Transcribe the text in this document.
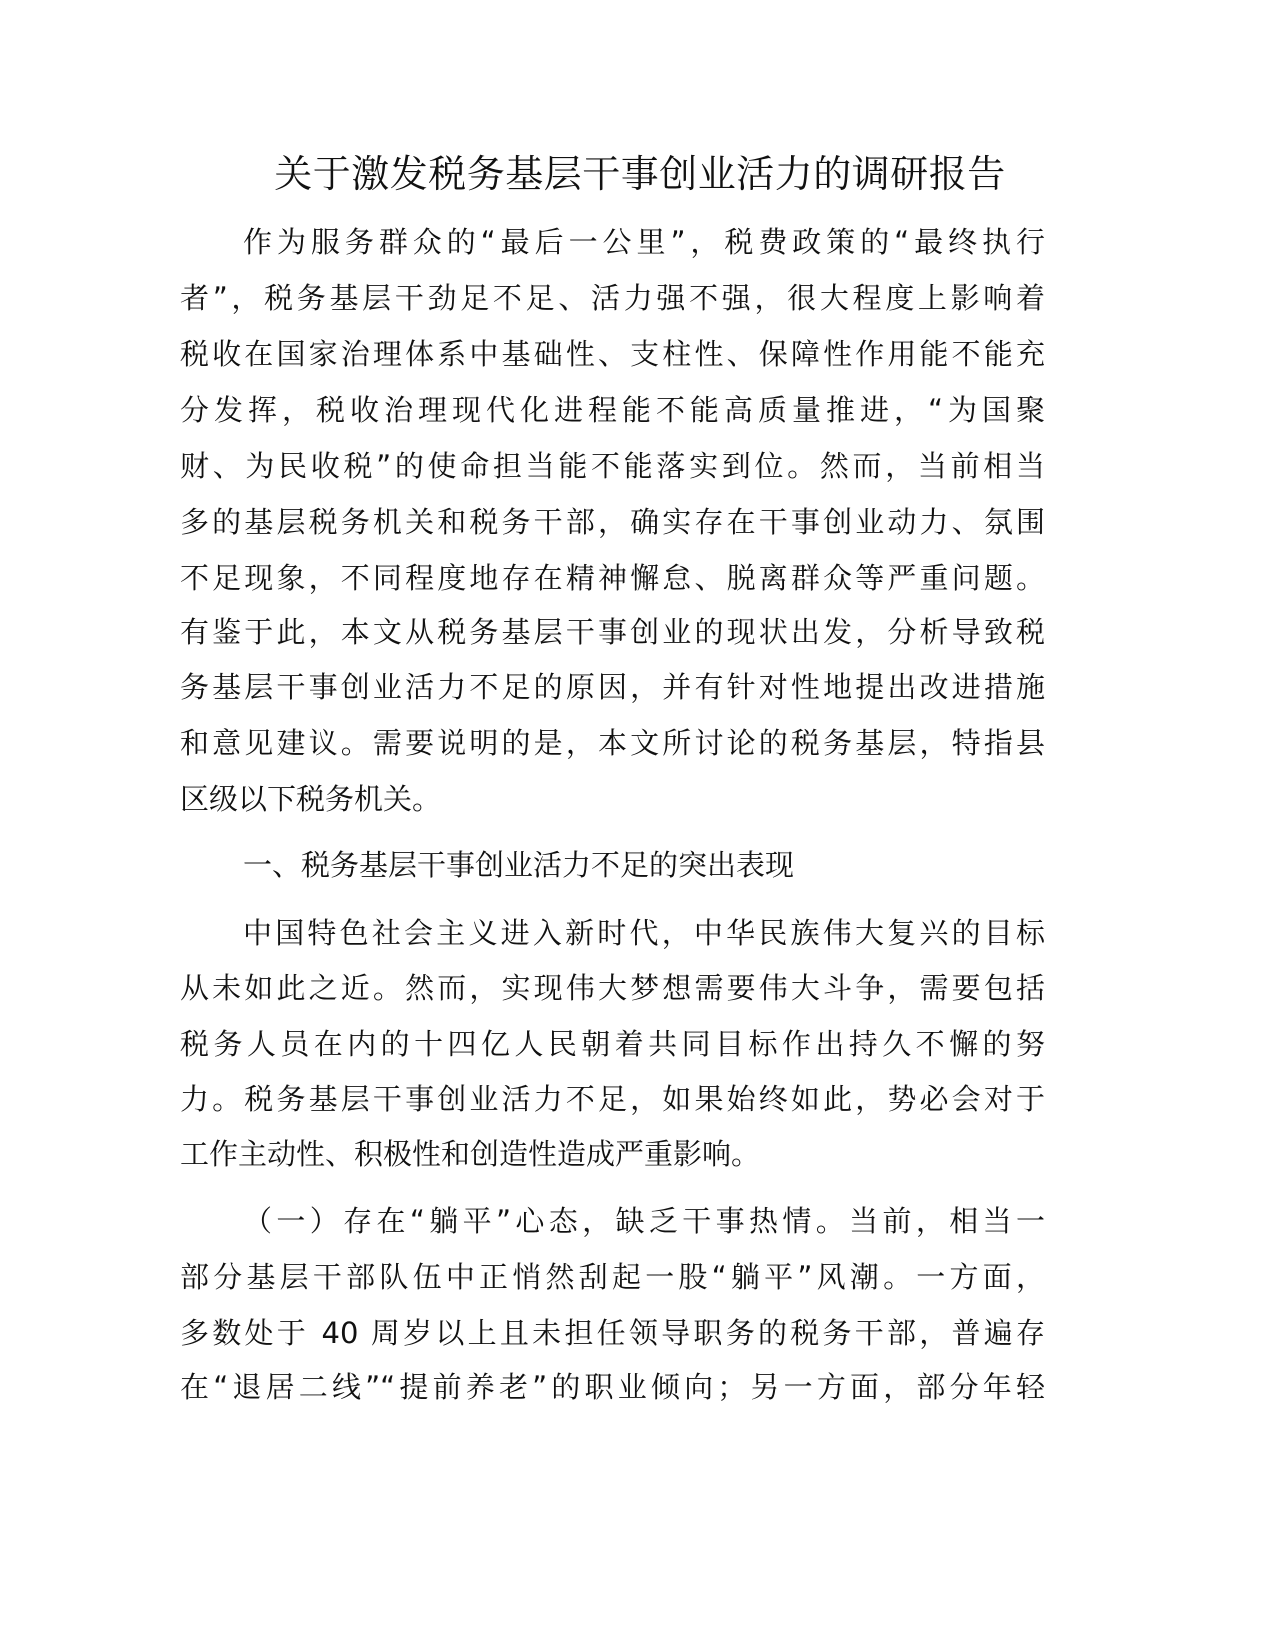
关于激发税务基层干事创业活力的调研报告

作为服务群众的“最后一公里”，税费政策的“最终执行

者”，税务基层干劲足不足、活力强不强，很大程度上影响着

税收在国家治理体系中基础性、支柱性、保障性作用能不能充

分发挥，税收治理现代化进程能不能高质量推进，“为国聚

财、为民收税”的使命担当能不能落实到位。然而，当前相当

多的基层税务机关和税务干部，确实存在干事创业动力、氛围

不足现象，不同程度地存在精神懈怠、脱离群众等严重问题。

有鉴于此，本文从税务基层干事创业的现状出发，分析导致税

务基层干事创业活力不足的原因，并有针对性地提出改进措施

和意见建议。需要说明的是，本文所讨论的税务基层，特指县

区级以下税务机关。

一、税务基层干事创业活力不足的突出表现

中国特色社会主义进入新时代，中华民族伟大复兴的目标

从未如此之近。然而，实现伟大梦想需要伟大斗争，需要包括

税务人员在内的十四亿人民朝着共同目标作出持久不懈的努

力。税务基层干事创业活力不足，如果始终如此，势必会对于

工作主动性、积极性和创造性造成严重影响。

（一）存在“躺平”心态，缺乏干事热情。当前，相当一

部分基层干部队伍中正悄然刮起一股“躺平”风潮。一方面，

多数处于 40 周岁以上且未担任领导职务的税务干部，普遍存

在“退居二线”“提前养老”的职业倾向；另一方面，部分年轻
